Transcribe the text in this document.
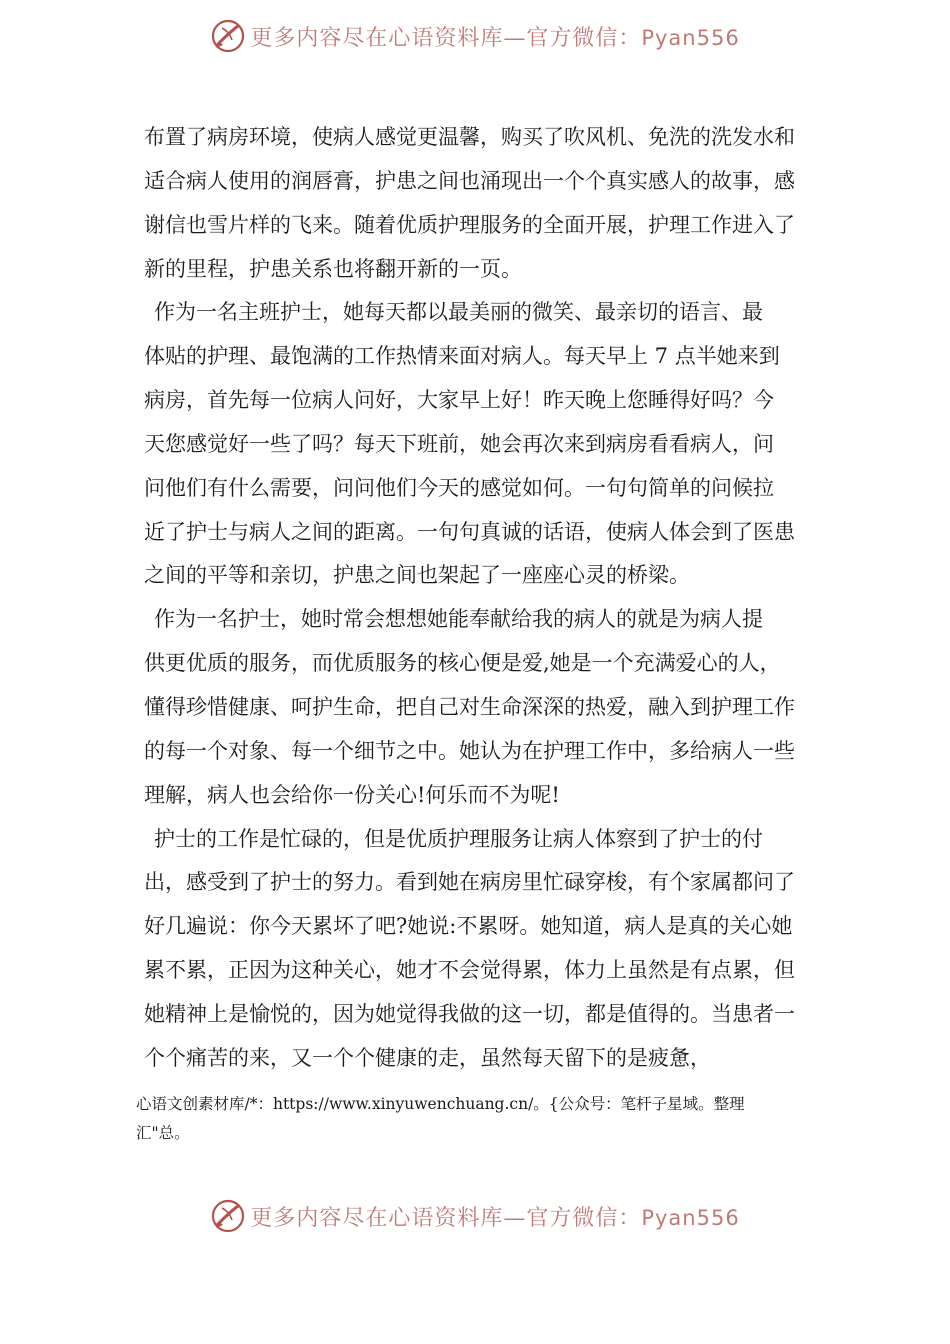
更多内容尽在心语资料库—官方微信：Pyan556
布置了病房环境，使病人感觉更温馨，购买了吹风机、免洗的洗发水和
适合病人使用的润唇膏，护患之间也涌现出一个个真实感人的故事，感
谢信也雪片样的飞来。随着优质护理服务的全面开展，护理工作进入了
新的里程，护患关系也将翻开新的一页。
作为一名主班护士，她每天都以最美丽的微笑、最亲切的语言、最
体贴的护理、最饱满的工作热情来面对病人。每天早上 7 点半她来到
病房，首先每一位病人问好，大家早上好！昨天晚上您睡得好吗？今
天您感觉好一些了吗？每天下班前，她会再次来到病房看看病人，问
问他们有什么需要，问问他们今天的感觉如何。一句句简单的问候拉
近了护士与病人之间的距离。一句句真诚的话语，使病人体会到了医患
之间的平等和亲切，护患之间也架起了一座座心灵的桥梁。
作为一名护士，她时常会想想她能奉献给我的病人的就是为病人提
供更优质的服务，而优质服务的核心便是爱,她是一个充满爱心的人，
懂得珍惜健康、呵护生命，把自己对生命深深的热爱，融入到护理工作
的每一个对象、每一个细节之中。她认为在护理工作中，多给病人一些
理解，病人也会给你一份关心!何乐而不为呢!
护士的工作是忙碌的，但是优质护理服务让病人体察到了护士的付
出，感受到了护士的努力。看到她在病房里忙碌穿梭，有个家属都问了
好几遍说：你今天累坏了吧?她说:不累呀。她知道，病人是真的关心她
累不累，正因为这种关心，她才不会觉得累，体力上虽然是有点累，但
她精神上是愉悦的，因为她觉得我做的这一切，都是值得的。当患者一
个个痛苦的来，又一个个健康的走，虽然每天留下的是疲惫，
心语文创素材库/*：https://www.xinyuwenchuang.cn/。{公众号：笔杆子星域。整理
汇"总。
更多内容尽在心语资料库—官方微信：Pyan556
